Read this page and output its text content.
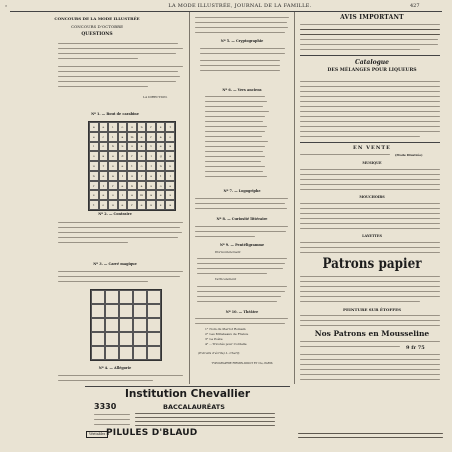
»	LA MODE ILLUSTRÉE, JOURNAL DE LA FAMILLE.	427
CONCOURS DE LA MODE ILLUSTRÉE
CONCOURS D'OCTOBRE
QUESTIONS
LA DIRECTION.
Nº 1. — Bout de carabine
a	e	i	o	u	n	r	s	t
e	c	l	a	m	e	r	a	o
i	o	n	u	s	a	v	e	a
o	a	e	d	r	e	i	g	e
u	r	s	e	t	o	l	n	u
n	e	a	l	u	r	e	t	l
r	t	r	e	n	a	s	o	e
s	e	o	i	e	m	a	e	s
t	o	u	e	r	e	u	s	a
Nº 2. — Contraire
Nº 3. — Carré magique
Nº 4. — Allégorie
Nº 5. — Cryptographie
Nº 6. — Vers anciens
Nº 7. — Logogriphe
Nº 8. — Curiosité littéraire
Nº 9. — Pentéligramme
Horizontalement
Verticalement
Nº 10. — Théâtre
1° Nom du Pierrot Romain
2° Les Mirabeaux de France
3° Le Poète
4° ...Tricotés pour Cordelle
(Extraits d'écrits) L. Cherif.
TYPOGRAPHIE FIRMIN-DIDOT ET Cie, PARIS
AVIS IMPORTANT
Catalogue
DES MÉLANGES POUR LIQUEURS
EN VENTE
(Mode Illustrée)
MUSIQUE
MOUCHOIRS
LAYETTES
Patrons papier
PEINTURE SUR ÉTOFFES
Nos Patrons en Mousseline
9 fr 75
Institution Chevallier
3330	BACCALAURÉATS
Véritables PILULES D'BLAUD
